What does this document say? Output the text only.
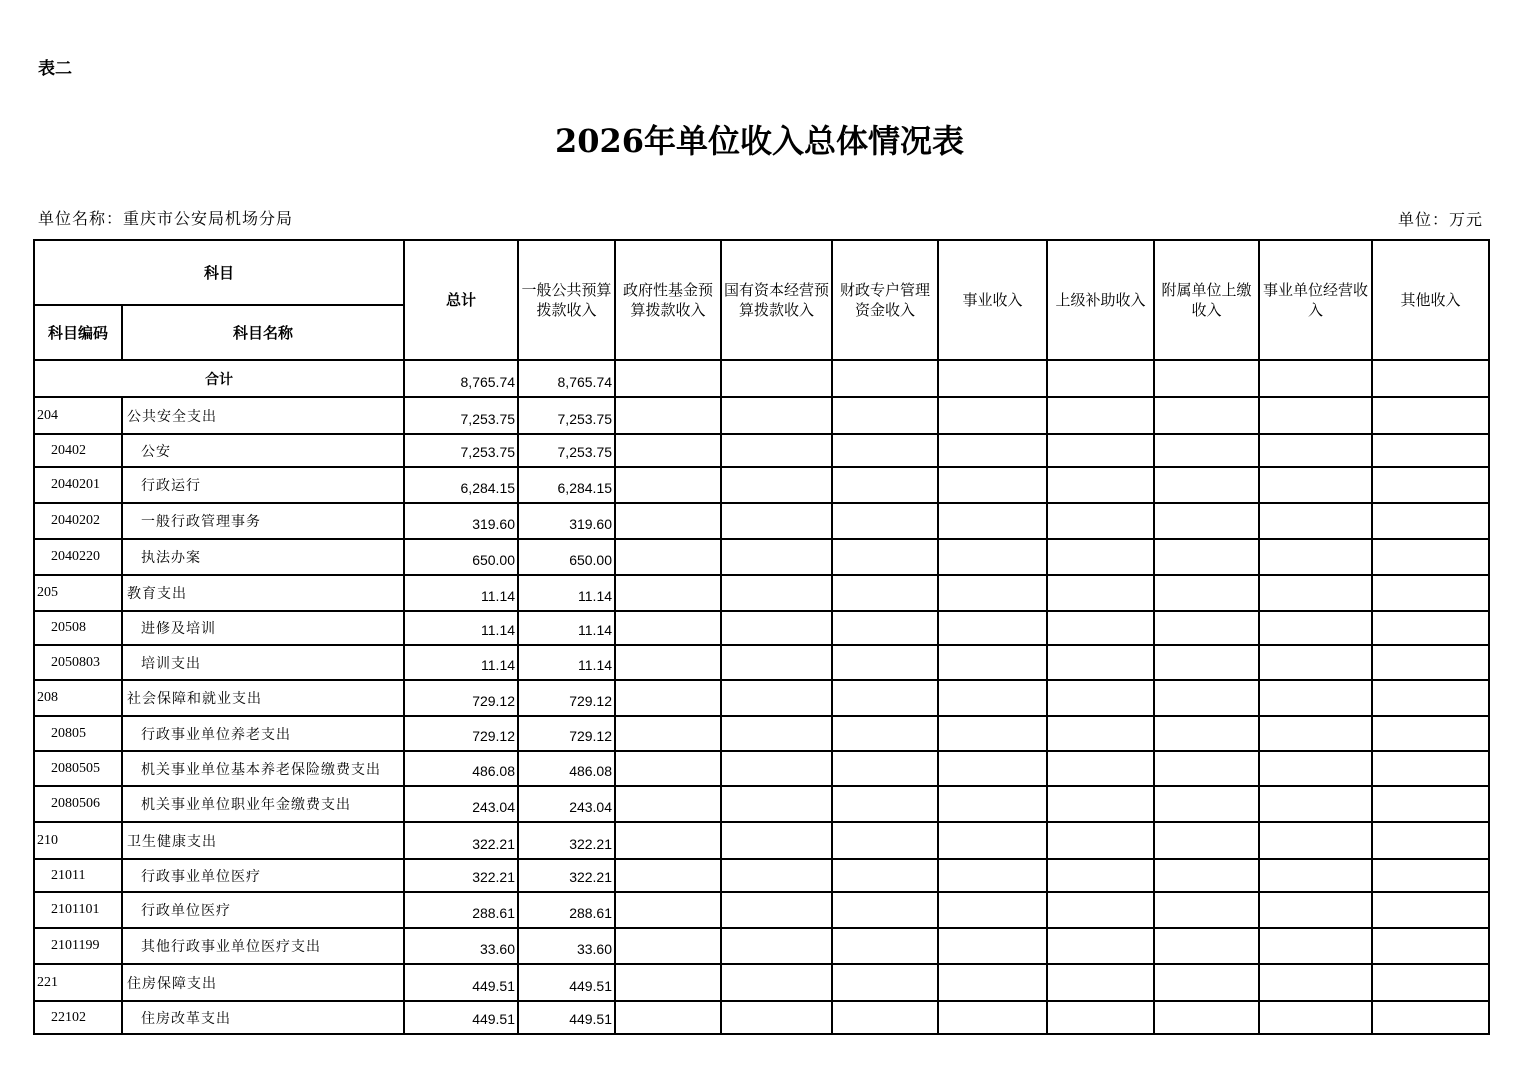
表二
2026年单位收入总体情况表
单位名称：重庆市公安局机场分局	单位：万元
科目		总计	一般公共预算拨款收入	政府性基金预算拨款收入	国有资本经营预算拨款收入	财政专户管理资金收入	事业收入	上级补助收入	附属单位上缴收入	事业单位经营收入	其他收入
科目编码	科目名称										
合计		8,765.74	8,765.74								
204	公共安全支出	7,253.75	7,253.75								
20402	公安	7,253.75	7,253.75								
2040201	行政运行	6,284.15	6,284.15								
2040202	一般行政管理事务	319.60	319.60								
2040220	执法办案	650.00	650.00								
205	教育支出	11.14	11.14								
20508	进修及培训	11.14	11.14								
2050803	培训支出	11.14	11.14								
208	社会保障和就业支出	729.12	729.12								
20805	行政事业单位养老支出	729.12	729.12								
2080505	机关事业单位基本养老保险缴费支出	486.08	486.08								
2080506	机关事业单位职业年金缴费支出	243.04	243.04								
210	卫生健康支出	322.21	322.21								
21011	行政事业单位医疗	322.21	322.21								
2101101	行政单位医疗	288.61	288.61								
2101199	其他行政事业单位医疗支出	33.60	33.60								
221	住房保障支出	449.51	449.51								
22102	住房改革支出	449.51	449.51								
